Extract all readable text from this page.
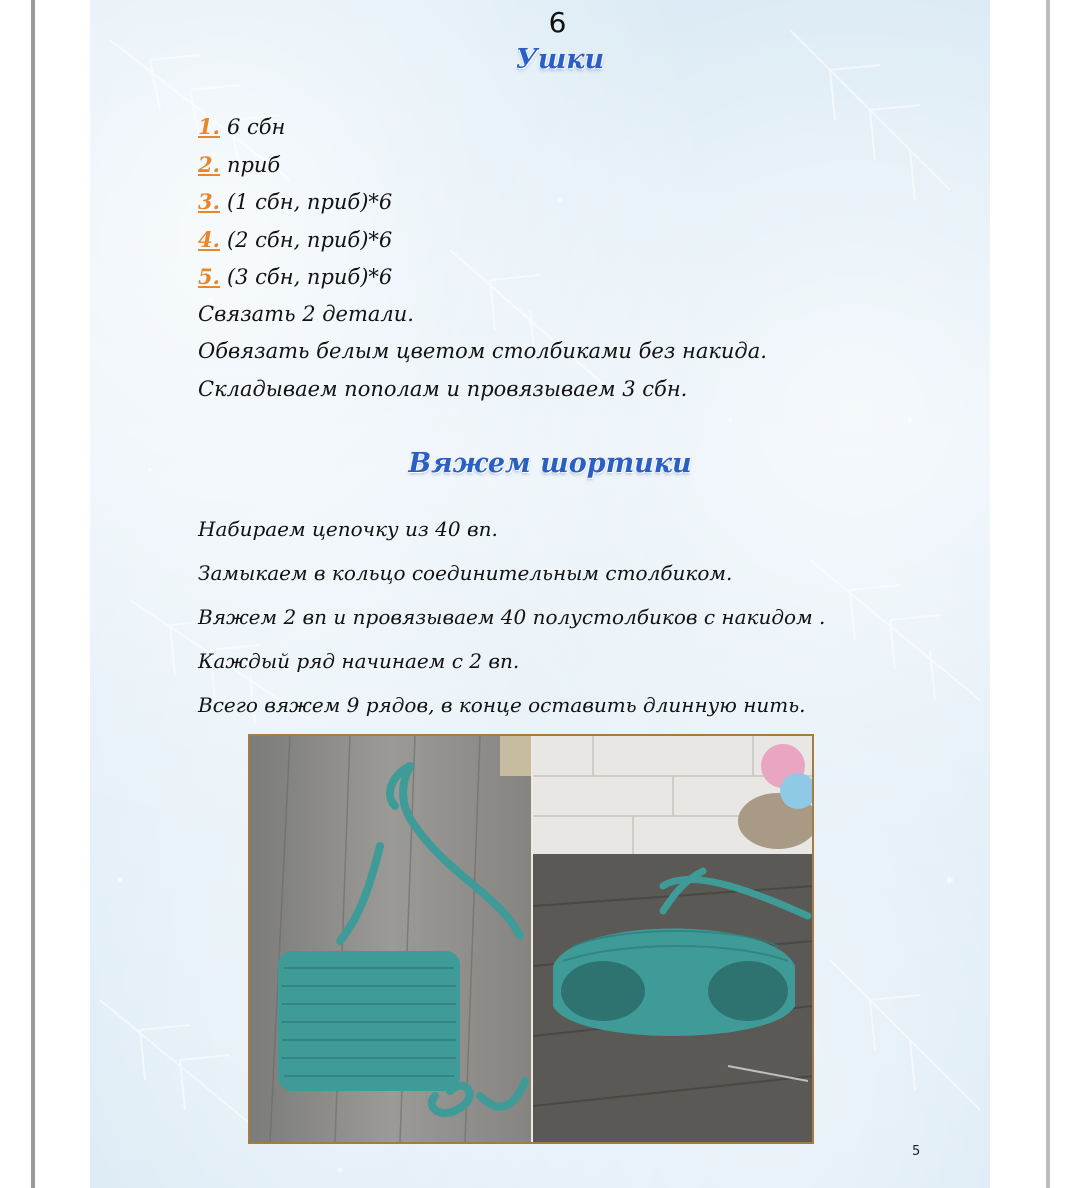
6
Ушки
1. 6 сбн
2. приб
3. (1 сбн, приб)*6
4. (2 сбн, приб)*6
5. (3 сбн, приб)*6
Связать 2 детали.
Обвязать белым цветом столбиками без накида.
Складываем пополам и провязываем 3 сбн.
Вяжем шортики
Набираем цепочку из 40 вп.
Замыкаем в кольцо соединительным столбиком.
Вяжем 2 вп и провязываем 40 полустолбиков с накидом .
Каждый ряд начинаем с 2 вп.
Всего вяжем 9 рядов, в конце оставить длинную нить.
5
